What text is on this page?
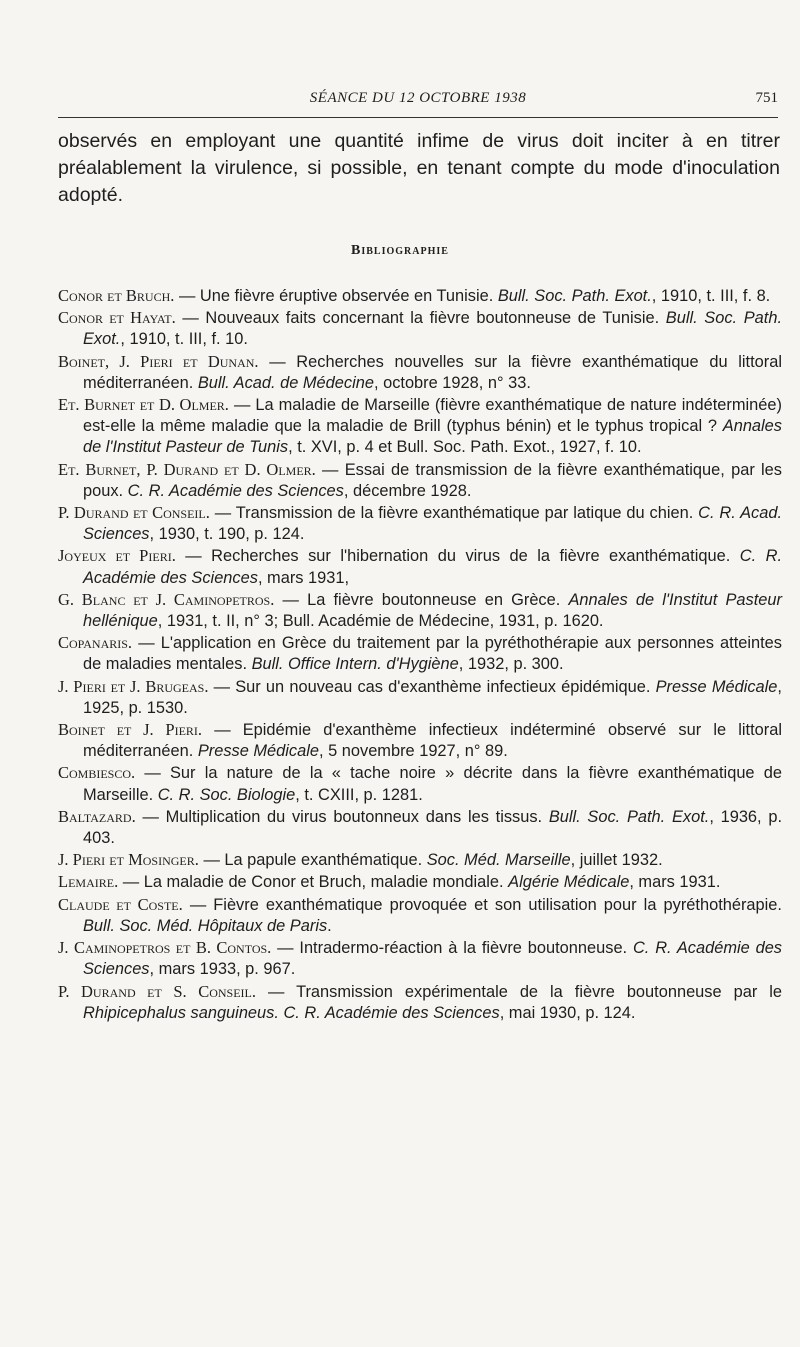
SÉANCE DU 12 OCTOBRE 1938	751

observés en employant une quantité infime de virus doit inciter à en titrer préalablement la virulence, si possible, en tenant compte du mode d'inoculation adopté.

Bibliographie
Conor et Bruch. — Une fièvre éruptive observée en Tunisie. Bull. Soc. Path. Exot., 1910, t. III, f. 8.
Conor et Hayat. — Nouveaux faits concernant la fièvre boutonneuse de Tunisie. Bull. Soc. Path. Exot., 1910, t. III, f. 10.
Boinet, J. Pieri et Dunan. — Recherches nouvelles sur la fièvre exanthématique du littoral méditerranéen. Bull. Acad. de Médecine, octobre 1928, n° 33.
Et. Burnet et D. Olmer. — La maladie de Marseille (fièvre exanthématique de nature indéterminée) est-elle la même maladie que la maladie de Brill (typhus bénin) et le typhus tropical ? Annales de l'Institut Pasteur de Tunis, t. XVI, p. 4 et Bull. Soc. Path. Exot., 1927, f. 10.
Et. Burnet, P. Durand et D. Olmer. — Essai de transmission de la fièvre exanthématique, par les poux. C. R. Académie des Sciences, décembre 1928.
P. Durand et Conseil. — Transmission de la fièvre exanthématique par latique du chien. C. R. Acad. Sciences, 1930, t. 190, p. 124.
Joyeux et Pieri. — Recherches sur l'hibernation du virus de la fièvre exanthématique. C. R. Académie des Sciences, mars 1931,
G. Blanc et J. Caminopetros. — La fièvre boutonneuse en Grèce. Annales de l'Institut Pasteur hellénique, 1931, t. II, n° 3; Bull. Académie de Médecine, 1931, p. 1620.
Copanaris. — L'application en Grèce du traitement par la pyréthothérapie aux personnes atteintes de maladies mentales. Bull. Office Intern. d'Hygiène, 1932, p. 300.
J. Pieri et J. Brugeas. — Sur un nouveau cas d'exanthème infectieux épidémique. Presse Médicale, 1925, p. 1530.
Boinet et J. Pieri. — Epidémie d'exanthème infectieux indéterminé observé sur le littoral méditerranéen. Presse Médicale, 5 novembre 1927, n° 89.
Combiesco. — Sur la nature de la « tache noire » décrite dans la fièvre exanthématique de Marseille. C. R. Soc. Biologie, t. CXIII, p. 1281.
Baltazard. — Multiplication du virus boutonneux dans les tissus. Bull. Soc. Path. Exot., 1936, p. 403.
J. Pieri et Mosinger. — La papule exanthématique. Soc. Méd. Marseille, juillet 1932.
Lemaire. — La maladie de Conor et Bruch, maladie mondiale. Algérie Médicale, mars 1931.
Claude et Coste. — Fièvre exanthématique provoquée et son utilisation pour la pyréthothérapie. Bull. Soc. Méd. Hôpitaux de Paris.
J. Caminopetros et B. Contos. — Intradermo-réaction à la fièvre boutonneuse. C. R. Académie des Sciences, mars 1933, p. 967.
P. Durand et S. Conseil. — Transmission expérimentale de la fièvre boutonneuse par le Rhipicephalus sanguineus. C. R. Académie des Sciences, mai 1930, p. 124.
